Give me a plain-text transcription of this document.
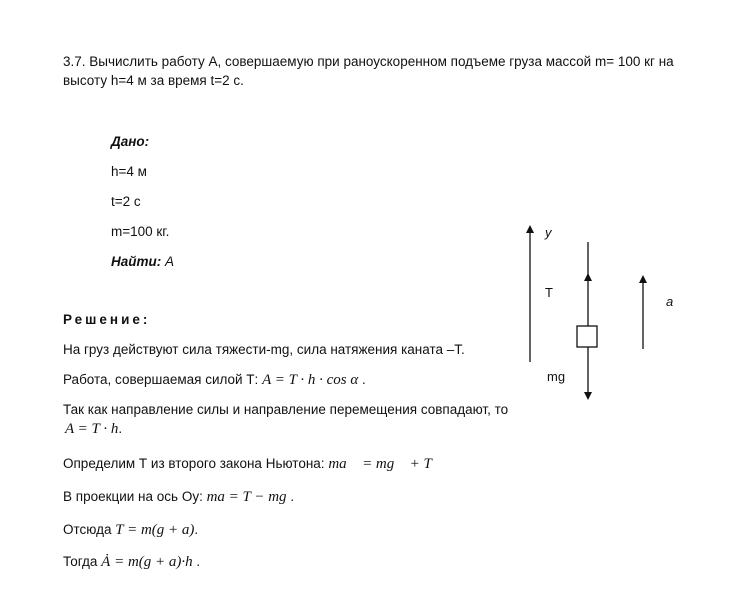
3.7. Вычислить работу А, совершаемую при раноускоренном подъеме груза массой m= 100 кг на
высоту h=4 м за время t=2 с.
Дано:
h=4 м
t=2 с
m=100 кг.
Найти: А
y
T
mg
a
Решение:
На груз действуют сила тяжести-mg, сила натяжения каната –Т.
Работа, совершаемая силой Т: A = T · h · cos α .
Так как направление силы и направление перемещения совпадают, то
A = T · h.
Определим Т из второго закона Ньютона: ma⃗ = mg⃗ + T⃗
В проекции на ось Oy: ma = T − mg .
Отсюда T = m(g + a).
Тогда Ȧ = m(g + a)·h .
